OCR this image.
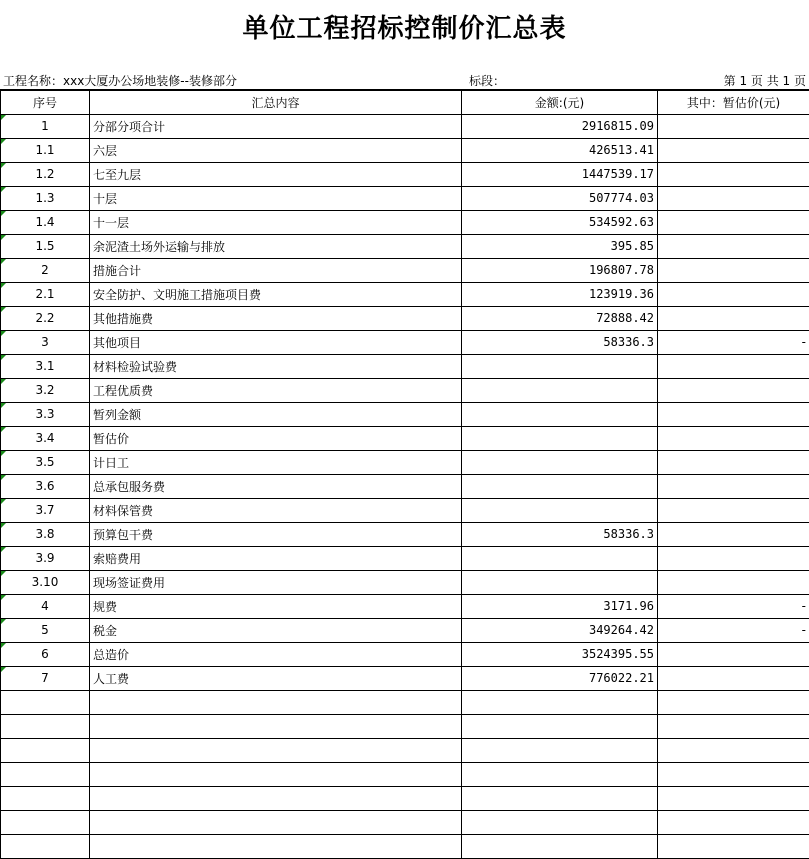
单位工程招标控制价汇总表
工程名称：xxx大厦办公场地装修--装修部分	标段：	第 1 页 共 1 页
序号	汇总内容	金额:(元)	其中：暂估价(元)

1	分部分项合计	2916815.09	

1.1	六层	426513.41	

1.2	七至九层	1447539.17	

1.3	十层	507774.03	

1.4	十一层	534592.63	

1.5	余泥渣土场外运输与排放	395.85	

2	措施合计	196807.78	

2.1	安全防护、文明施工措施项目费	123919.36	

2.2	其他措施费	72888.42	

3	其他项目	58336.3	-

3.1	材料检验试验费		

3.2	工程优质费		

3.3	暂列金额		

3.4	暂估价		

3.5	计日工		

3.6	总承包服务费		

3.7	材料保管费		

3.8	预算包干费	58336.3	

3.9	索赔费用		

3.10	现场签证费用		

4	规费	3171.96	-

5	税金	349264.42	-

6	总造价	3524395.55	

7	人工费	776022.21	
